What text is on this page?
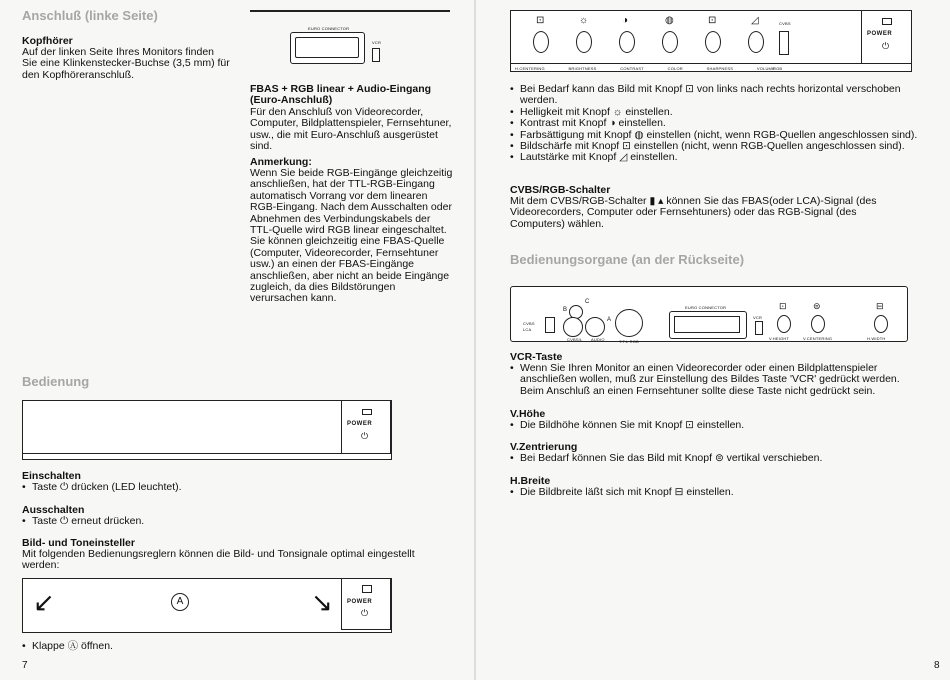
Anschluß (linke Seite)
Kopfhörer
Auf der linken Seite Ihres Monitors finden Sie eine Klinkenstecker-Buchse (3,5 mm) für den Kopfhöreranschluß.
EURO CONNECTOR
VCR
FBAS + RGB linear + Audio-Eingang (Euro-Anschluß)
Für den Anschluß von Videorecorder, Computer, Bildplattenspieler, Fernsehtuner, usw., die mit Euro-Anschluß ausgerüstet sind.
Anmerkung:
Wenn Sie beide RGB-Eingänge gleichzeitig anschließen, hat der TTL-RGB-Eingang automatisch Vorrang vor dem linearen RGB-Eingang. Nach dem Ausschalten oder Abnehmen des Verbindungskabels der TTL-Quelle wird RGB linear eingeschaltet. Sie können gleichzeitig eine FBAS-Quelle (Computer, Videorecorder, Fernsehtuner usw.) an einen der FBAS-Eingänge anschließen, aber nicht an beide Eingänge zugleich, da dies Bildstörungen verursachen kann.
Bedienung
POWER
⏻
Einschalten
• Taste ⏻ drücken (LED leuchtet).
Ausschalten
• Taste ⏻ erneut drücken.
Bild- und Toneinsteller
Mit folgenden Bedienungsreglern können die Bild- und Tonsignale optimal eingestellt werden:
↙	A	↘ POWER
⏻
• Klappe Ⓐ öffnen.
7
⊡	☼	◑	◍	⊡	◿	CVBS
RGB
H.CENTERING	BRIGHTNESS	CONTRAST	COLOR	SHARPNESS	VOLUME
POWER
⏻
• Bei Bedarf kann das Bild mit Knopf ⊡ von links nach rechts horizontal verschoben werden.
• Helligkeit mit Knopf ☼ einstellen.
• Kontrast mit Knopf ◑ einstellen.
• Farbsättigung mit Knopf ◍ einstellen (nicht, wenn RGB-Quellen angeschlossen sind).
• Bildschärfe mit Knopf ⊡ einstellen (nicht, wenn RGB-Quellen angeschlossen sind).
• Lautstärke mit Knopf ◿ einstellen.
CVBS/RGB-Schalter
Mit dem CVBS/RGB-Schalter ▮ ▴ können Sie das FBAS(oder LCA)-Signal (des Videorecorders, Computer oder Fernsehtuners) oder das RGB-Signal (des Computers) wählen.
Bedienungsorgane (an der Rückseite)
CVBS
LCA
B
C
A
CVBS/L AUDIO	T.T.L RGB
EURO CONNECTOR
VCR
⊡	⊜	⊟
V.HEIGHT	V.CENTERING	H.WIDTH
VCR-Taste
• Wenn Sie Ihren Monitor an einen Videorecorder oder einen Bildplattenspieler anschließen wollen, muß zur Einstellung des Bildes Taste 'VCR' gedrückt werden. Beim Anschluß an einen Fernsehtuner sollte diese Taste nicht gedrückt sein.
V.Höhe
• Die Bildhöhe können Sie mit Knopf ⊡ einstellen.
V.Zentrierung
• Bei Bedarf können Sie das Bild mit Knopf ⊜ vertikal verschieben.
H.Breite
• Die Bildbreite läßt sich mit Knopf ⊟ einstellen.
8
